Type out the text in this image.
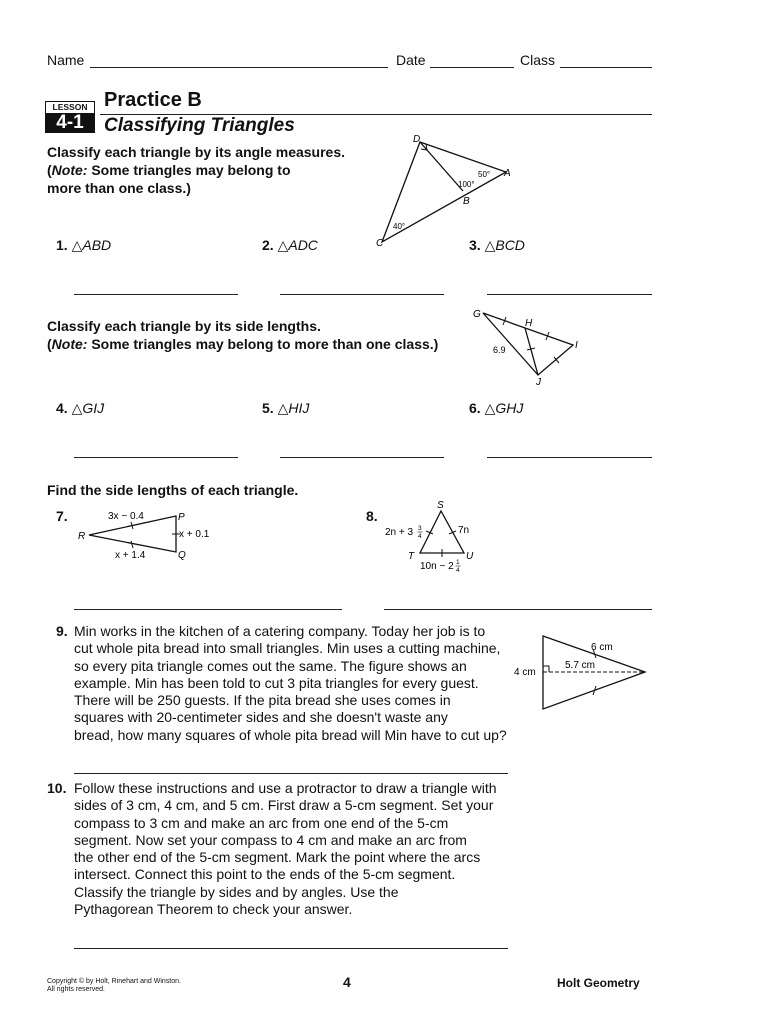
Name	Date	Class
LESSON
4-1
Practice B
Classifying Triangles
Classify each triangle by its angle measures.
(Note: Some triangles may belong to
more than one class.)
D
A
B
C
50°
100°
40°
1. △ABD	2. △ADC	3. △BCD
Classify each triangle by its side lengths.
(Note: Some triangles may belong to more than one class.)
G
H
I
J
6.9
4. △GIJ	5. △HIJ	6. △GHJ
Find the side lengths of each triangle.
7.
R
P
Q
3x − 0.4
x + 0.1
x + 1.4
8.
S
T	U
2n + 3 3
4
7n
10n − 2 1
4
9. Min works in the kitchen of a catering company. Today her job is to
cut whole pita bread into small triangles. Min uses a cutting machine,
so every pita triangle comes out the same. The figure shows an
example. Min has been told to cut 3 pita triangles for every guest.
There will be 250 guests. If the pita bread she uses comes in
squares with 20-centimeter sides and she doesn't waste any
bread, how many squares of whole pita bread will Min have to cut up?
6 cm
5.7 cm
4 cm
10. Follow these instructions and use a protractor to draw a triangle with
sides of 3 cm, 4 cm, and 5 cm. First draw a 5-cm segment. Set your
compass to 3 cm and make an arc from one end of the 5-cm
segment. Now set your compass to 4 cm and make an arc from
the other end of the 5-cm segment. Mark the point where the arcs
intersect. Connect this point to the ends of the 5-cm segment.
Classify the triangle by sides and by angles. Use the
Pythagorean Theorem to check your answer.
Copyright © by Holt, Rinehart and Winston.
All rights reserved.	4	Holt Geometry
